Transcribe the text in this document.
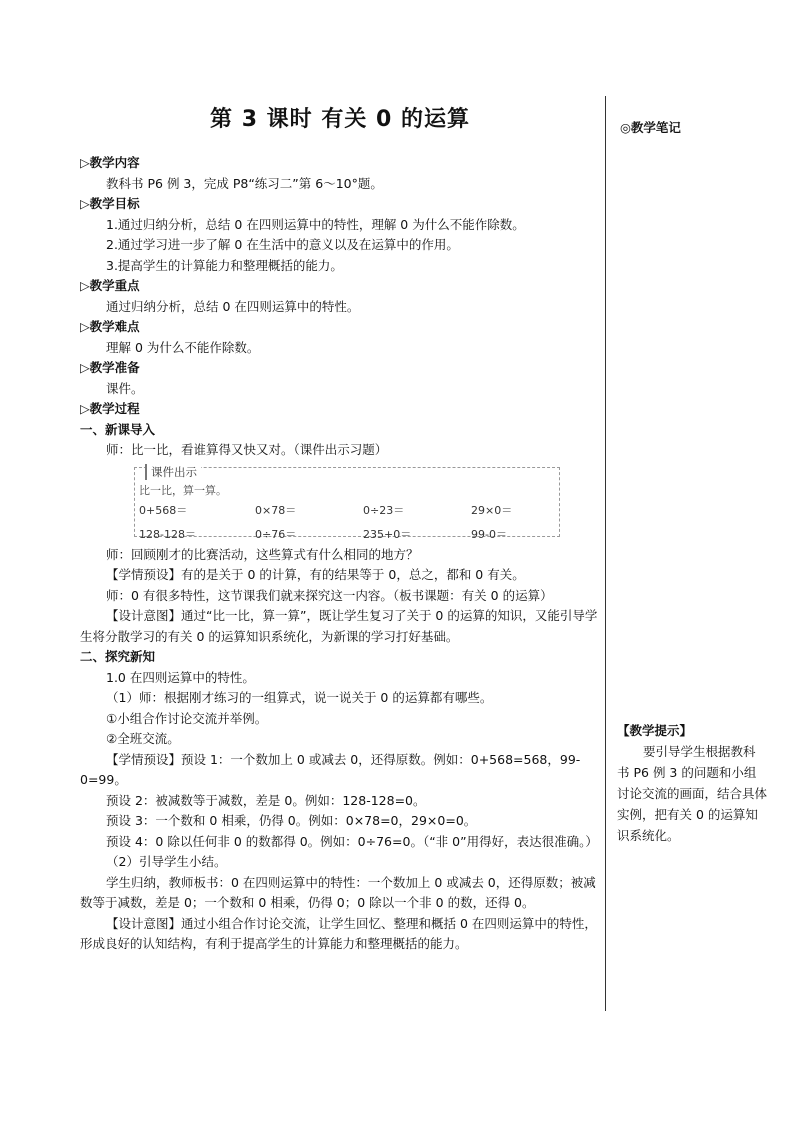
第 3 课时 有关 0 的运算
▷教学内容
教科书 P6 例 3，完成 P8“练习二”第 6～10°题。
▷教学目标
1.通过归纳分析，总结 0 在四则运算中的特性，理解 0 为什么不能作除数。
2.通过学习进一步了解 0 在生活中的意义以及在运算中的作用。
3.提高学生的计算能力和整理概括的能力。
▷教学重点
通过归纳分析，总结 0 在四则运算中的特性。
▷教学难点
理解 0 为什么不能作除数。
▷教学准备
课件。
▷教学过程
一、新课导入
师：比一比，看谁算得又快又对。（课件出示习题）
课件出示
比一比，算一算。
0+568＝	0×78＝	0÷23＝	29×0＝
128-128＝	0÷76＝	235+0＝	99-0＝
师：回顾刚才的比赛活动，这些算式有什么相同的地方？
【学情预设】有的是关于 0 的计算，有的结果等于 0，总之，都和 0 有关。
师：0 有很多特性，这节课我们就来探究这一内容。（板书课题：有关 0 的运算）
【设计意图】通过“比一比，算一算”，既让学生复习了关于 0 的运算的知识，又能引导学生将分散学习的有关 0 的运算知识系统化，为新课的学习打好基础。
二、探究新知
1.0 在四则运算中的特性。
（1）师：根据刚才练习的一组算式，说一说关于 0 的运算都有哪些。
①小组合作讨论交流并举例。
②全班交流。
【学情预设】预设 1：一个数加上 0 或减去 0，还得原数。例如：0+568=568，99-0=99。
预设 2：被减数等于减数，差是 0。例如：128-128=0。
预设 3：一个数和 0 相乘，仍得 0。例如：0×78=0，29×0=0。
预设 4：0 除以任何非 0 的数都得 0。例如：0÷76=0。（“非 0”用得好，表达很准确。）
（2）引导学生小结。
学生归纳，教师板书：0 在四则运算中的特性：一个数加上 0 或减去 0，还得原数；被减数等于减数，差是 0；一个数和 0 相乘，仍得 0；0 除以一个非 0 的数，还得 0。
【设计意图】通过小组合作讨论交流，让学生回忆、整理和概括 0 在四则运算中的特性，形成良好的认知结构，有利于提高学生的计算能力和整理概括的能力。
◎教学笔记
【教学提示】
要引导学生根据教科书 P6 例 3 的问题和小组讨论交流的画面，结合具体实例，把有关 0 的运算知识系统化。
